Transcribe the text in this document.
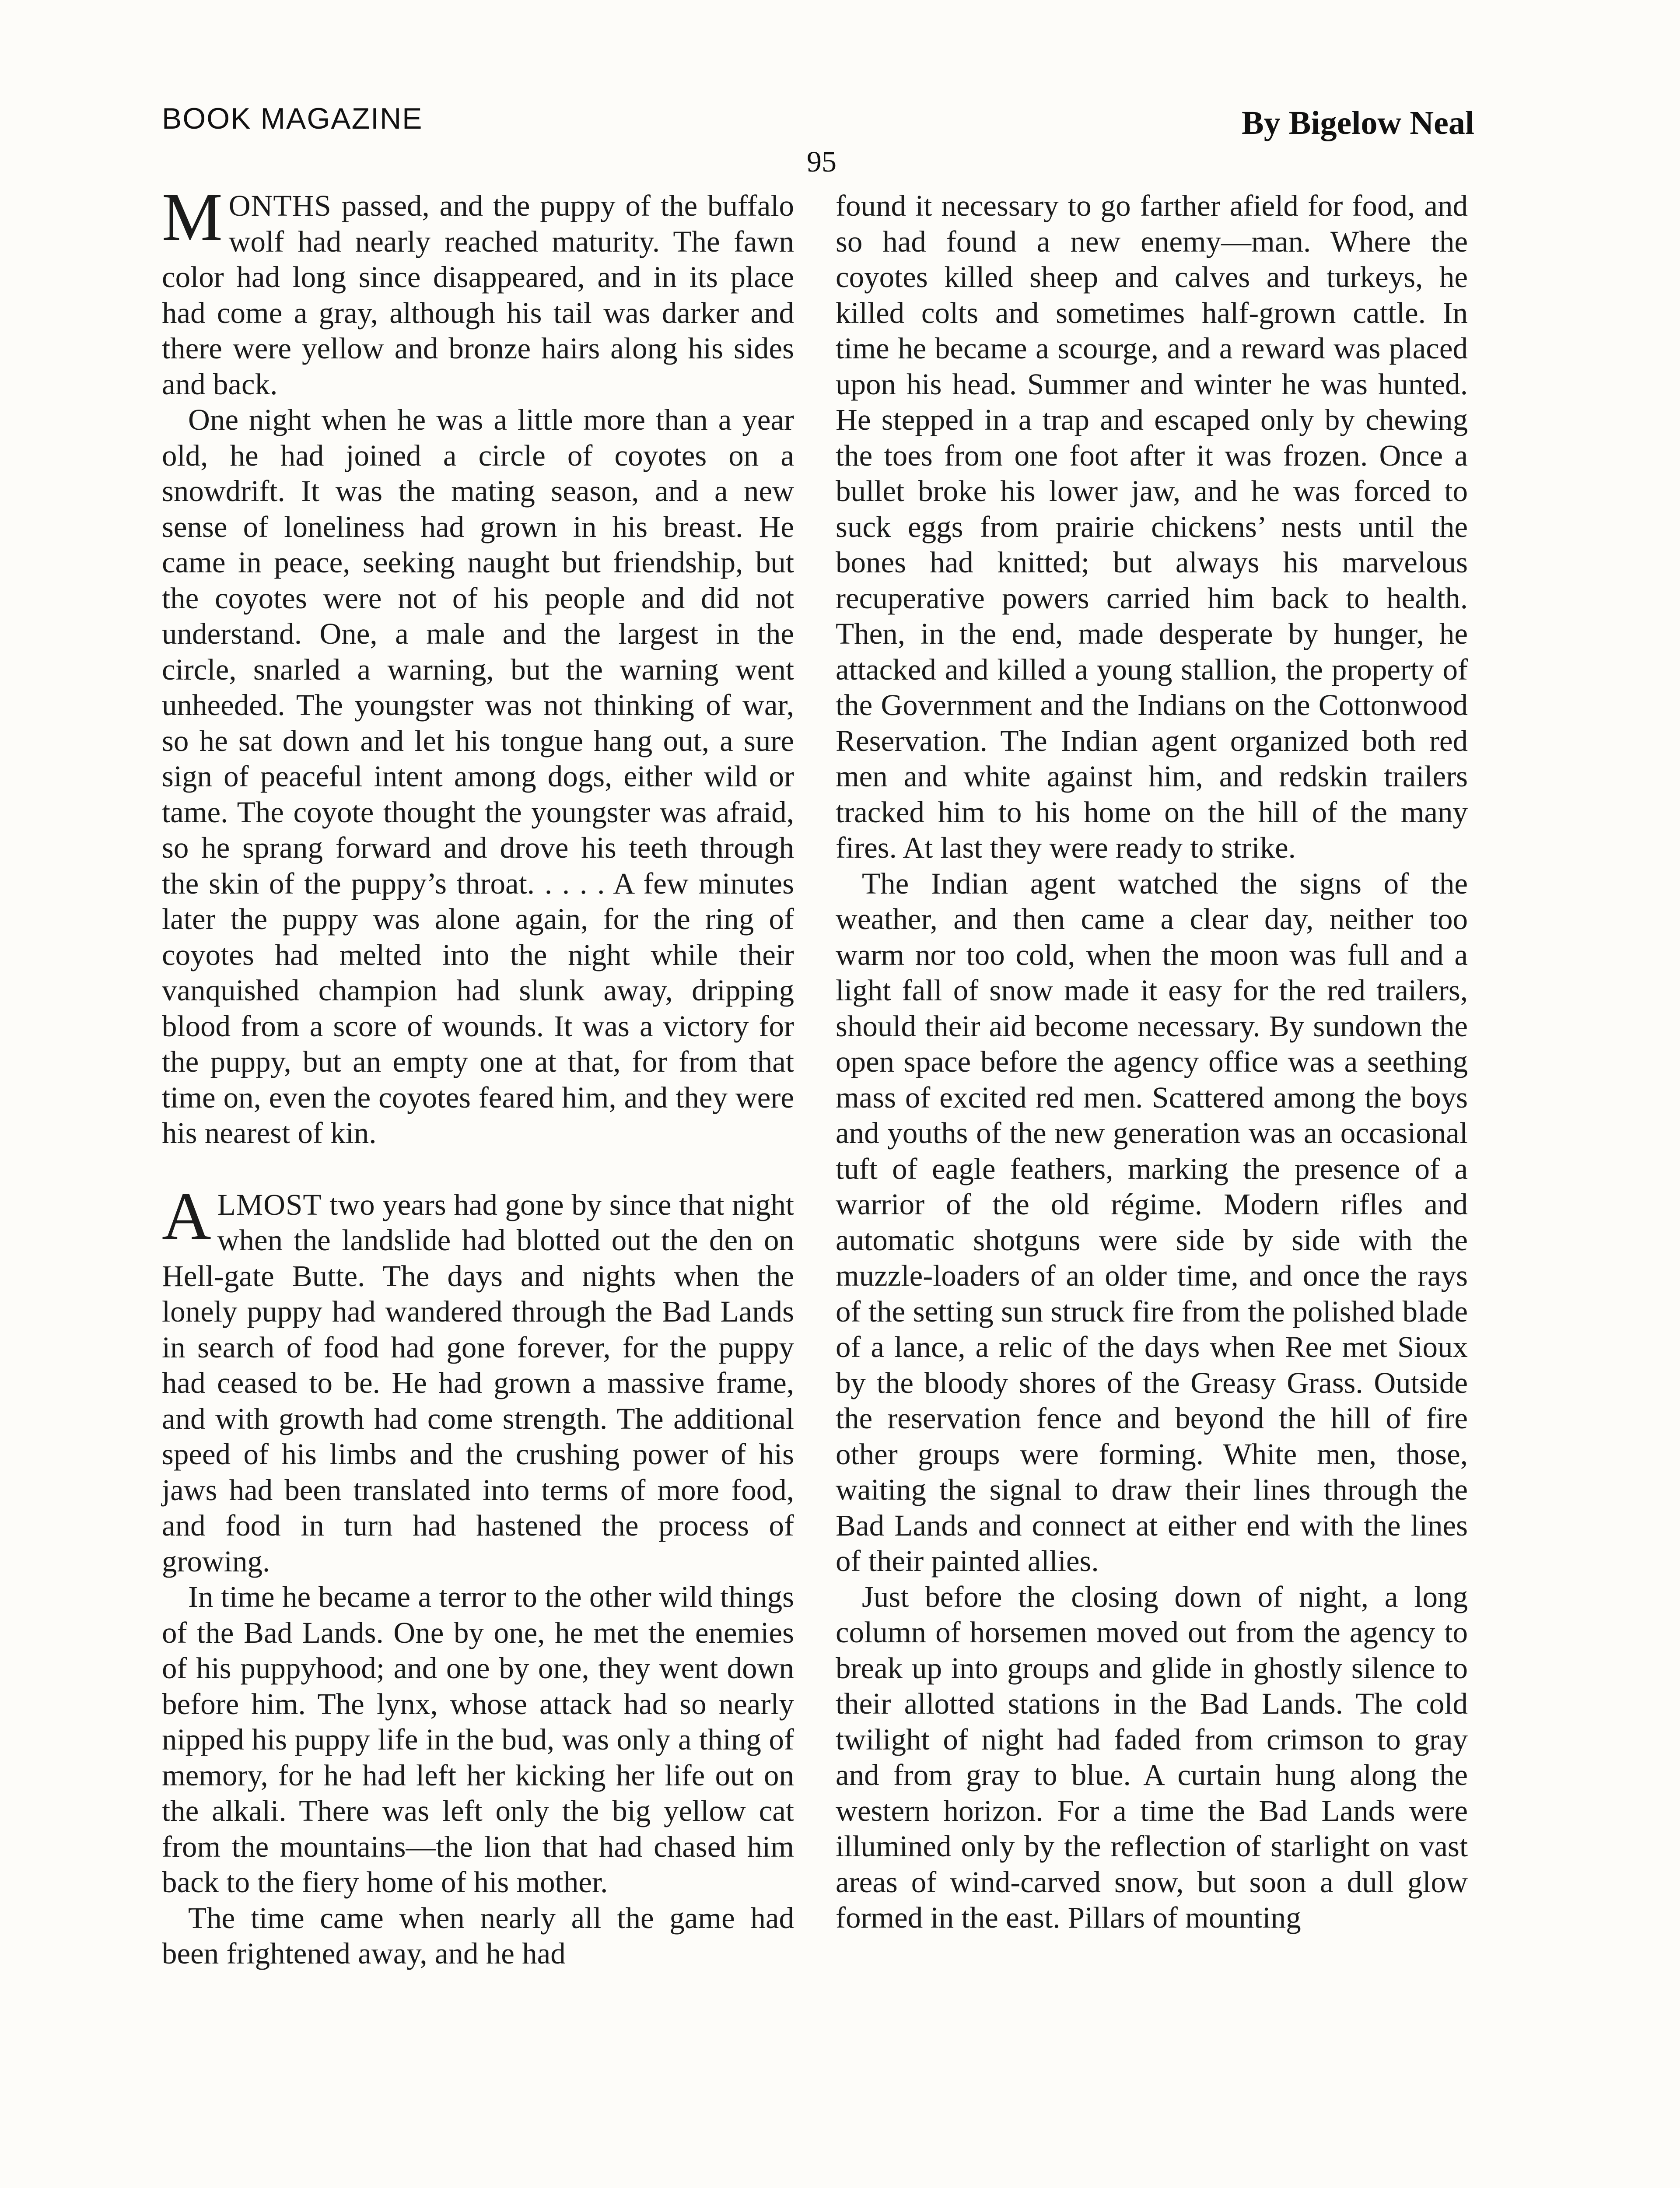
BOOK MAGAZINE	By Bigelow Neal
95

MONTHS passed, and the puppy of the buffalo wolf had nearly reached maturity. The fawn color had long since disappeared, and in its place had come a gray, although his tail was darker and there were yellow and bronze hairs along his sides and back.

One night when he was a little more than a year old, he had joined a circle of coyotes on a snowdrift. It was the mating season, and a new sense of loneliness had grown in his breast. He came in peace, seeking naught but friendship, but the coyotes were not of his people and did not understand. One, a male and the largest in the circle, snarled a warning, but the warning went unheeded. The youngster was not thinking of war, so he sat down and let his tongue hang out, a sure sign of peaceful intent among dogs, either wild or tame. The coyote thought the youngster was afraid, so he sprang forward and drove his teeth through the skin of the puppy’s throat. . . . . A few minutes later the puppy was alone again, for the ring of coyotes had melted into the night while their vanquished champion had slunk away, dripping blood from a score of wounds. It was a victory for the puppy, but an empty one at that, for from that time on, even the coyotes feared him, and they were his nearest of kin.

ALMOST two years had gone by since that night when the landslide had blotted out the den on Hell-gate Butte. The days and nights when the lonely puppy had wandered through the Bad Lands in search of food had gone forever, for the puppy had ceased to be. He had grown a massive frame, and with growth had come strength. The additional speed of his limbs and the crushing power of his jaws had been translated into terms of more food, and food in turn had hastened the process of growing.

In time he became a terror to the other wild things of the Bad Lands. One by one, he met the enemies of his puppyhood; and one by one, they went down before him. The lynx, whose attack had so nearly nipped his puppy life in the bud, was only a thing of memory, for he had left her kicking her life out on the alkali. There was left only the big yellow cat from the mountains—the lion that had chased him back to the fiery home of his mother.

The time came when nearly all the game had been frightened away, and he had

found it necessary to go farther afield for food, and so had found a new enemy—man. Where the coyotes killed sheep and calves and turkeys, he killed colts and sometimes half-grown cattle. In time he became a scourge, and a reward was placed upon his head. Summer and winter he was hunted. He stepped in a trap and escaped only by chewing the toes from one foot after it was frozen. Once a bullet broke his lower jaw, and he was forced to suck eggs from prairie chickens’ nests until the bones had knitted; but always his marvelous recuperative powers carried him back to health. Then, in the end, made desperate by hunger, he attacked and killed a young stallion, the property of the Government and the Indians on the Cottonwood Reservation. The Indian agent organized both red men and white against him, and redskin trailers tracked him to his home on the hill of the many fires. At last they were ready to strike.

The Indian agent watched the signs of the weather, and then came a clear day, neither too warm nor too cold, when the moon was full and a light fall of snow made it easy for the red trailers, should their aid become necessary. By sundown the open space before the agency office was a seething mass of excited red men. Scattered among the boys and youths of the new generation was an occasional tuft of eagle feathers, marking the presence of a warrior of the old régime. Modern rifles and automatic shotguns were side by side with the muzzle-loaders of an older time, and once the rays of the setting sun struck fire from the polished blade of a lance, a relic of the days when Ree met Sioux by the bloody shores of the Greasy Grass. Outside the reservation fence and beyond the hill of fire other groups were forming. White men, those, waiting the signal to draw their lines through the Bad Lands and connect at either end with the lines of their painted allies.

Just before the closing down of night, a long column of horsemen moved out from the agency to break up into groups and glide in ghostly silence to their allotted stations in the Bad Lands. The cold twilight of night had faded from crimson to gray and from gray to blue. A curtain hung along the western horizon. For a time the Bad Lands were illumined only by the reflection of starlight on vast areas of wind-carved snow, but soon a dull glow formed in the east. Pillars of mounting
